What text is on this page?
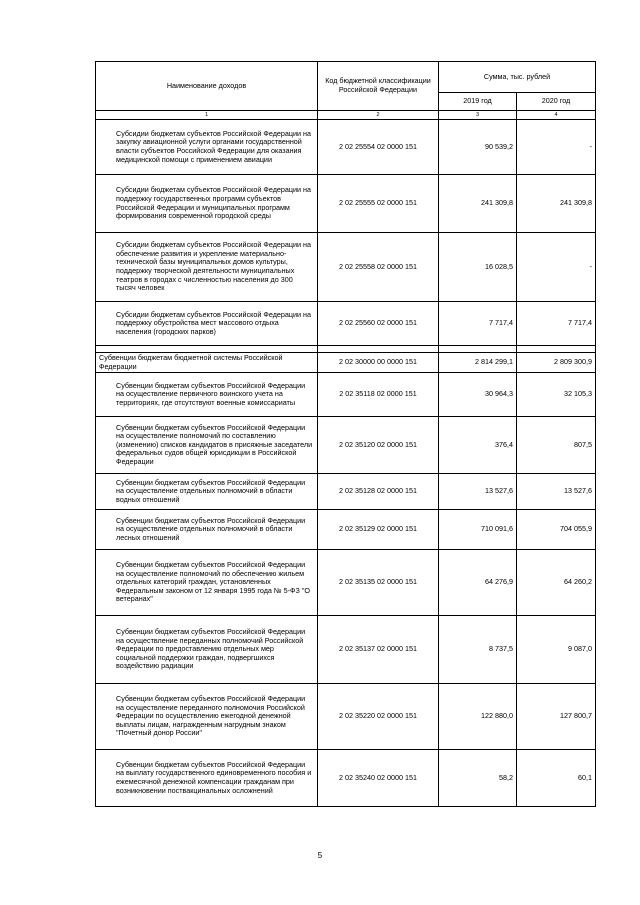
Наименование доходов	Код бюджетной классификации Российской Федерации	Сумма, тыс. рублей	
		2019 год	2020 год
1	2	3	4
Субсидии бюджетам субъектов Российской Федерации на закупку авиационной услуги органами государственной власти субъектов Российской Федерации для оказания медицинской помощи с применением авиации	2 02 25554 02 0000 151	90 539,2	-
Субсидии бюджетам субъектов Российской Федерации на поддержку государственных программ субъектов Российской Федерации и муниципальных программ формирования современной городской среды	2 02 25555 02 0000 151	241 309,8	241 309,8
Субсидии бюджетам субъектов Российской Федерации на обеспечение развития и укрепление материально-технической базы муниципальных домов культуры, поддержку творческой деятельности муниципальных театров в городах с численностью населения до 300 тысяч человек	2 02 25558 02 0000 151	16 028,5	-
Субсидии бюджетам субъектов Российской Федерации на поддержку обустройства мест массового отдыха населения (городских парков)	2 02 25560 02 0000 151	7 717,4	7 717,4

Субвенции бюджетам бюджетной системы Российской Федерации	2 02 30000 00 0000 151	2 814 299,1	2 809 300,9
Субвенции бюджетам субъектов Российской Федерации на осуществление первичного воинского учета на территориях, где отсутствуют военные комиссариаты	2 02 35118 02 0000 151	30 964,3	32 105,3
Субвенции бюджетам субъектов Российской Федерации на осуществление полномочий по составлению (изменению) списков кандидатов в присяжные заседатели федеральных судов общей юрисдикции в Российской Федерации	2 02 35120 02 0000 151	376,4	807,5
Субвенции бюджетам субъектов Российской Федерации на осуществление отдельных полномочий в области водных отношений	2 02 35128 02 0000 151	13 527,6	13 527,6
Субвенции бюджетам субъектов Российской Федерации на осуществление отдельных полномочий в области лесных отношений	2 02 35129 02 0000 151	710 091,6	704 055,9
Субвенции бюджетам субъектов Российской Федерации на осуществление полномочий по обеспечению жильем отдельных категорий граждан, установленных Федеральным законом от 12 января 1995 года № 5-ФЗ "О ветеранах"	2 02 35135 02 0000 151	64 276,9	64 260,2
Субвенции бюджетам субъектов Российской Федерации на осуществление переданных полномочий Российской Федерации по предоставлению отдельных мер социальной поддержки граждан, подвергшихся воздействию радиации	2 02 35137 02 0000 151	8 737,5	9 087,0
Субвенции бюджетам субъектов Российской Федерации на осуществление переданного полномочия Российской Федерации по осуществлению ежегодной денежной выплаты лицам, награжденным нагрудным знаком "Почетный донор России"	2 02 35220 02 0000 151	122 880,0	127 800,7
Субвенции бюджетам субъектов Российской Федерации на выплату государственного единовременного пособия и ежемесячной денежной компенсации гражданам при возникновении поствакцинальных осложнений	2 02 35240 02 0000 151	58,2	60,1
5
